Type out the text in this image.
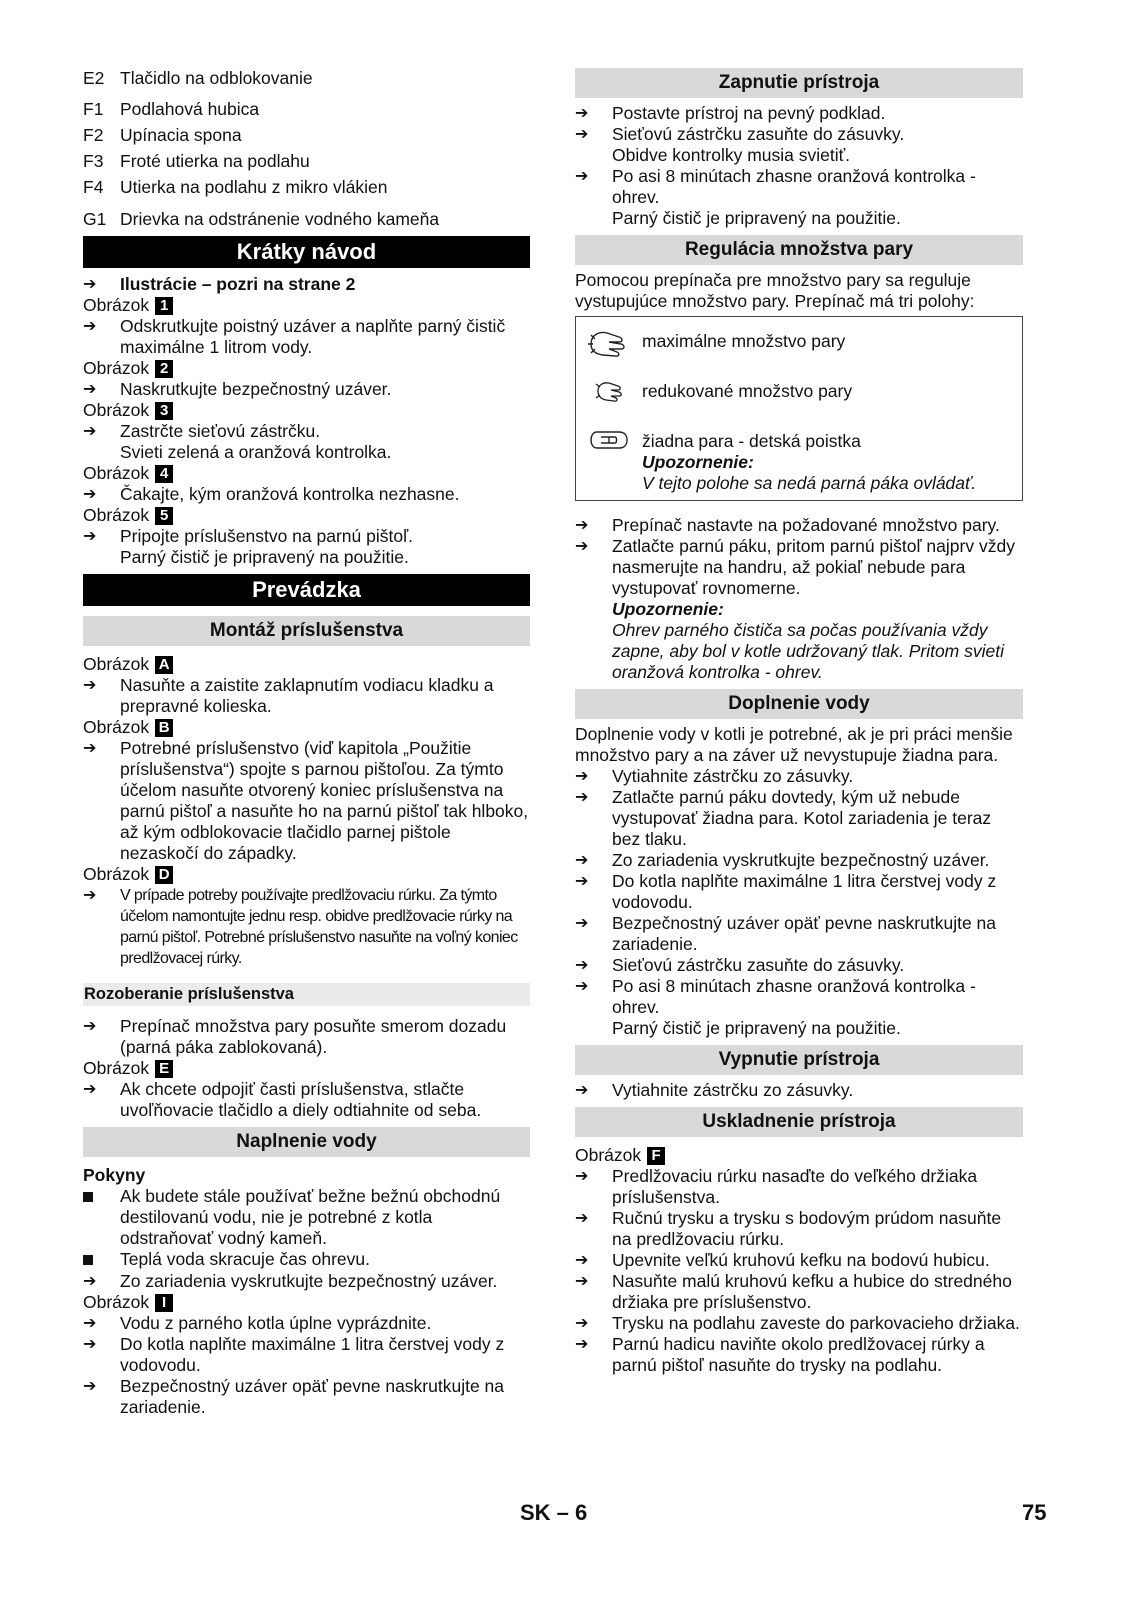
E2 Tlačidlo na odblokovanie
F1 Podlahová hubica
F2 Upínacia spona
F3 Froté utierka na podlahu
F4 Utierka na podlahu z mikro vlákien
G1 Drievka na odstránenie vodného kameňa
Krátky návod
➔	Ilustrácie – pozri na strane 2
Obrázok 1
➔	Odskrutkujte poistný uzáver a naplňte parný čistič maximálne 1 litrom vody.
Obrázok 2
➔	Naskrutkujte bezpečnostný uzáver.
Obrázok 3
➔	Zastrčte sieťovú zástrčku.
Svieti zelená a oranžová kontrolka.
Obrázok 4
➔	Čakajte, kým oranžová kontrolka nezhasne.
Obrázok 5
➔	Pripojte príslušenstvo na parnú pištoľ.
Parný čistič je pripravený na použitie.
Prevádzka
Montáž príslušenstva
Obrázok A
➔	Nasuňte a zaistite zaklapnutím vodiacu kladku a prepravné kolieska.
Obrázok B
➔	Potrebné príslušenstvo (viď kapitola „Použitie príslušenstva“) spojte s parnou pištoľou. Za týmto účelom nasuňte otvorený koniec príslušenstva na parnú pištoľ a nasuňte ho na parnú pištoľ tak hlboko, až kým odblokovacie tlačidlo parnej pištole nezaskočí do západky.
Obrázok D
➔	V prípade potreby používajte predlžovaciu rúrku. Za týmto účelom namontujte jednu resp. obidve predlžovacie rúrky na parnú pištoľ. Potrebné príslušenstvo nasuňte na voľný koniec predlžovacej rúrky.
Rozoberanie príslušenstva
➔	Prepínač množstva pary posuňte smerom dozadu (parná páka zablokovaná).
Obrázok E
➔	Ak chcete odpojiť časti príslušenstva, stlačte uvoľňovacie tlačidlo a diely odtiahnite od seba.
Naplnenie vody
Pokyny
Ak budete stále používať bežne bežnú obchodnú destilovanú vodu, nie je potrebné z kotla odstraňovať vodný kameň.
Teplá voda skracuje čas ohrevu.
➔	Zo zariadenia vyskrutkujte bezpečnostný uzáver.
Obrázok I
➔	Vodu z parného kotla úplne vyprázdnite.
➔	Do kotla naplňte maximálne 1 litra čerstvej vody z vodovodu.
➔	Bezpečnostný uzáver opäť pevne naskrutkujte na zariadenie.
Zapnutie prístroja
➔	Postavte prístroj na pevný podklad.
➔	Sieťovú zástrčku zasuňte do zásuvky.
Obidve kontrolky musia svietiť.
➔	Po asi 8 minútach zhasne oranžová kontrolka - ohrev.
Parný čistič je pripravený na použitie.
Regulácia množstva pary
Pomocou prepínača pre množstvo pary sa reguluje vystupujúce množstvo pary. Prepínač má tri polohy:
maximálne množstvo pary
redukované množstvo pary
žiadna para - detská poistka
Upozornenie:
V tejto polohe sa nedá parná páka ovládať.
➔	Prepínač nastavte na požadované množstvo pary.
➔	Zatlačte parnú páku, pritom parnú pištoľ najprv vždy nasmerujte na handru, až pokiaľ nebude para vystupovať rovnomerne.
Upozornenie:
Ohrev parného čističa sa počas používania vždy zapne, aby bol v kotle udržovaný tlak. Pritom svieti oranžová kontrolka - ohrev.
Doplnenie vody
Doplnenie vody v kotli je potrebné, ak je pri práci menšie množstvo pary a na záver už nevystupuje žiadna para.
➔	Vytiahnite zástrčku zo zásuvky.
➔	Zatlačte parnú páku dovtedy, kým už nebude vystupovať žiadna para. Kotol zariadenia je teraz bez tlaku.
➔	Zo zariadenia vyskrutkujte bezpečnostný uzáver.
➔	Do kotla naplňte maximálne 1 litra čerstvej vody z vodovodu.
➔	Bezpečnostný uzáver opäť pevne naskrutkujte na zariadenie.
➔	Sieťovú zástrčku zasuňte do zásuvky.
➔	Po asi 8 minútach zhasne oranžová kontrolka - ohrev.
Parný čistič je pripravený na použitie.
Vypnutie prístroja
➔	Vytiahnite zástrčku zo zásuvky.
Uskladnenie prístroja
Obrázok F
➔	Predlžovaciu rúrku nasaďte do veľkého držiaka príslušenstva.
➔	Ručnú trysku a trysku s bodovým prúdom nasuňte na predlžovaciu rúrku.
➔	Upevnite veľkú kruhovú kefku na bodovú hubicu.
➔	Nasuňte malú kruhovú kefku a hubice do stredného držiaka pre príslušenstvo.
➔	Trysku na podlahu zaveste do parkovacieho držiaka.
➔	Parnú hadicu naviňte okolo predlžovacej rúrky a parnú pištoľ nasuňte do trysky na podlahu.
SK – 6	75
